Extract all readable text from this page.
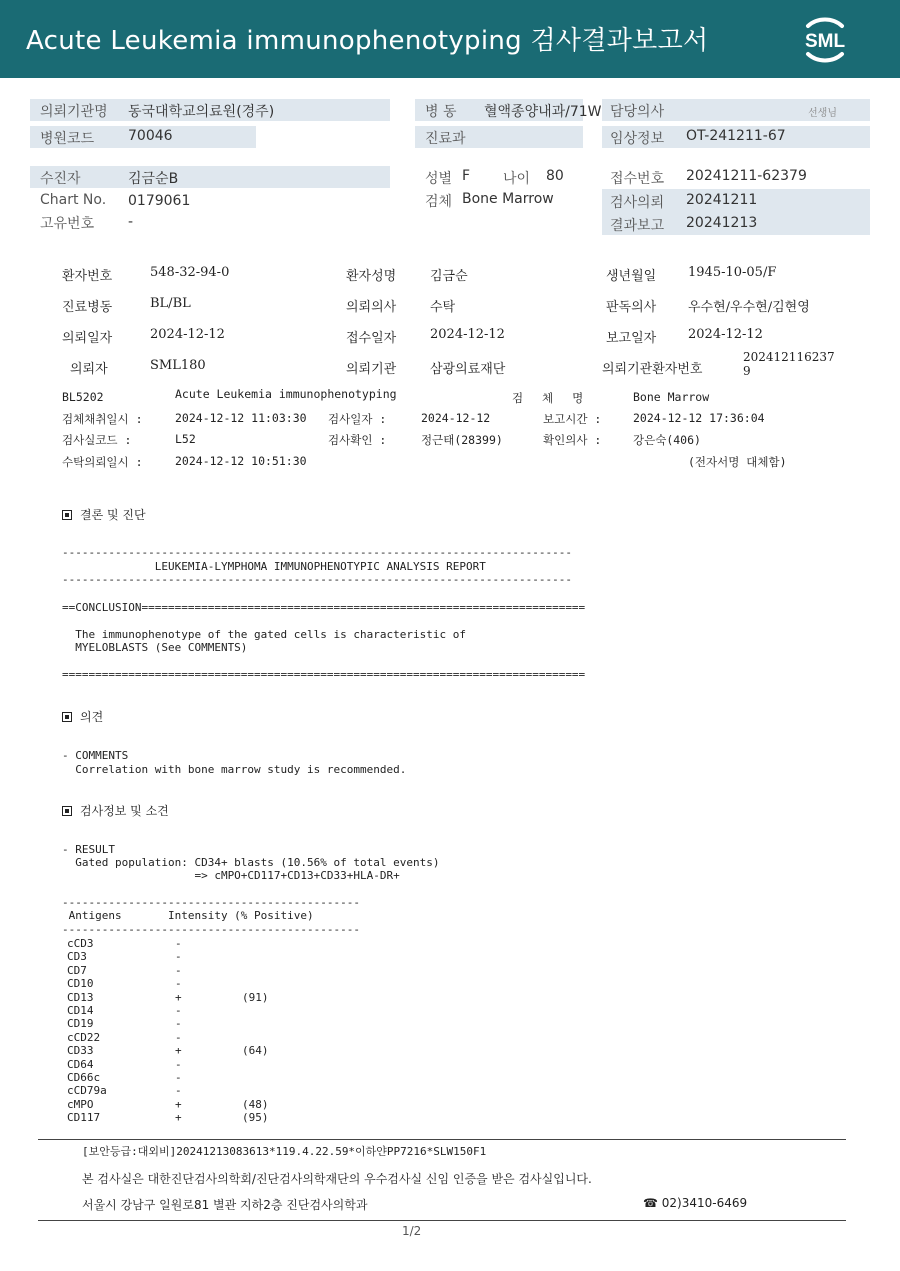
Acute Leukemia immunophenotyping 검사결과보고서	SML
의뢰기관명 동국대학교의료원(경주)
병원코드 70046
병 동 혈액종양내과/71W
진료과
담당의사	선생님
임상정보 OT-241211-67
수진자	김금순B
Chart No. 0179061
고유번호 -
성별 F 나이 80
검체 Bone Marrow
접수번호 20241211-62379
검사의뢰 20241211
결과보고 20241213
환자번호	548-32-94-0	환자성명	김금순	생년월일 1945-10-05/F
진료병동	BL/BL	의뢰의사	수탁	판독의사 우수현/우수현/김현영
의뢰일자	2024-12-12	접수일자	2024-12-12	보고일자 2024-12-12
의뢰자	SML180	의뢰기관	삼광의료재단	의뢰기관환자번호
202412116237
9
BL5202	Acute Leukemia immunophenotyping	검 체 명	Bone Marrow
검체채취일시 :	2024-12-12 11:03:30 검사일자 :	2024-12-12	보고시간 :	2024-12-12 17:36:04
검사실코드 :	L52	검사확인 :	정근태(28399)	확인의사 :	강은숙(406)
수탁의뢰일시 :	2024-12-12 10:51:30	(전자서명 대체함)
결론 및 진단
-----------------------------------------------------------------------------
LEUKEMIA-LYMPHOMA IMMUNOPHENOTYPIC ANALYSIS REPORT
-----------------------------------------------------------------------------
==CONCLUSION===================================================================
The immunophenotype of the gated cells is characteristic of
MYELOBLASTS (See COMMENTS)
===============================================================================
의견
- COMMENTS
Correlation with bone marrow study is recommended.
검사정보 및 소견
- RESULT
Gated population: CD34+ blasts (10.56% of total events)
=> cMPO+CD117+CD13+CD33+HLA-DR+
---------------------------------------------
Antigens       Intensity (% Positive)
---------------------------------------------
cCD3	-
CD3	-
CD7	-
CD10	-
CD13	+	(91)
CD14	-
CD19	-
cCD22	-
CD33	+	(64)
CD64	-
CD66c	-
cCD79a	-
cMPO	+	(48)
CD117	+	(95)
[보안등급:대외비]20241213083613*119.4.22.59*이하얀PP7216*SLW150F1
본 검사실은 대한진단검사의학회/진단검사의학재단의 우수검사실 신임 인증을 받은 검사실입니다.
서울시 강남구 일원로81 별관 지하2층 진단검사의학과	☎ 02)3410-6469
1/2
